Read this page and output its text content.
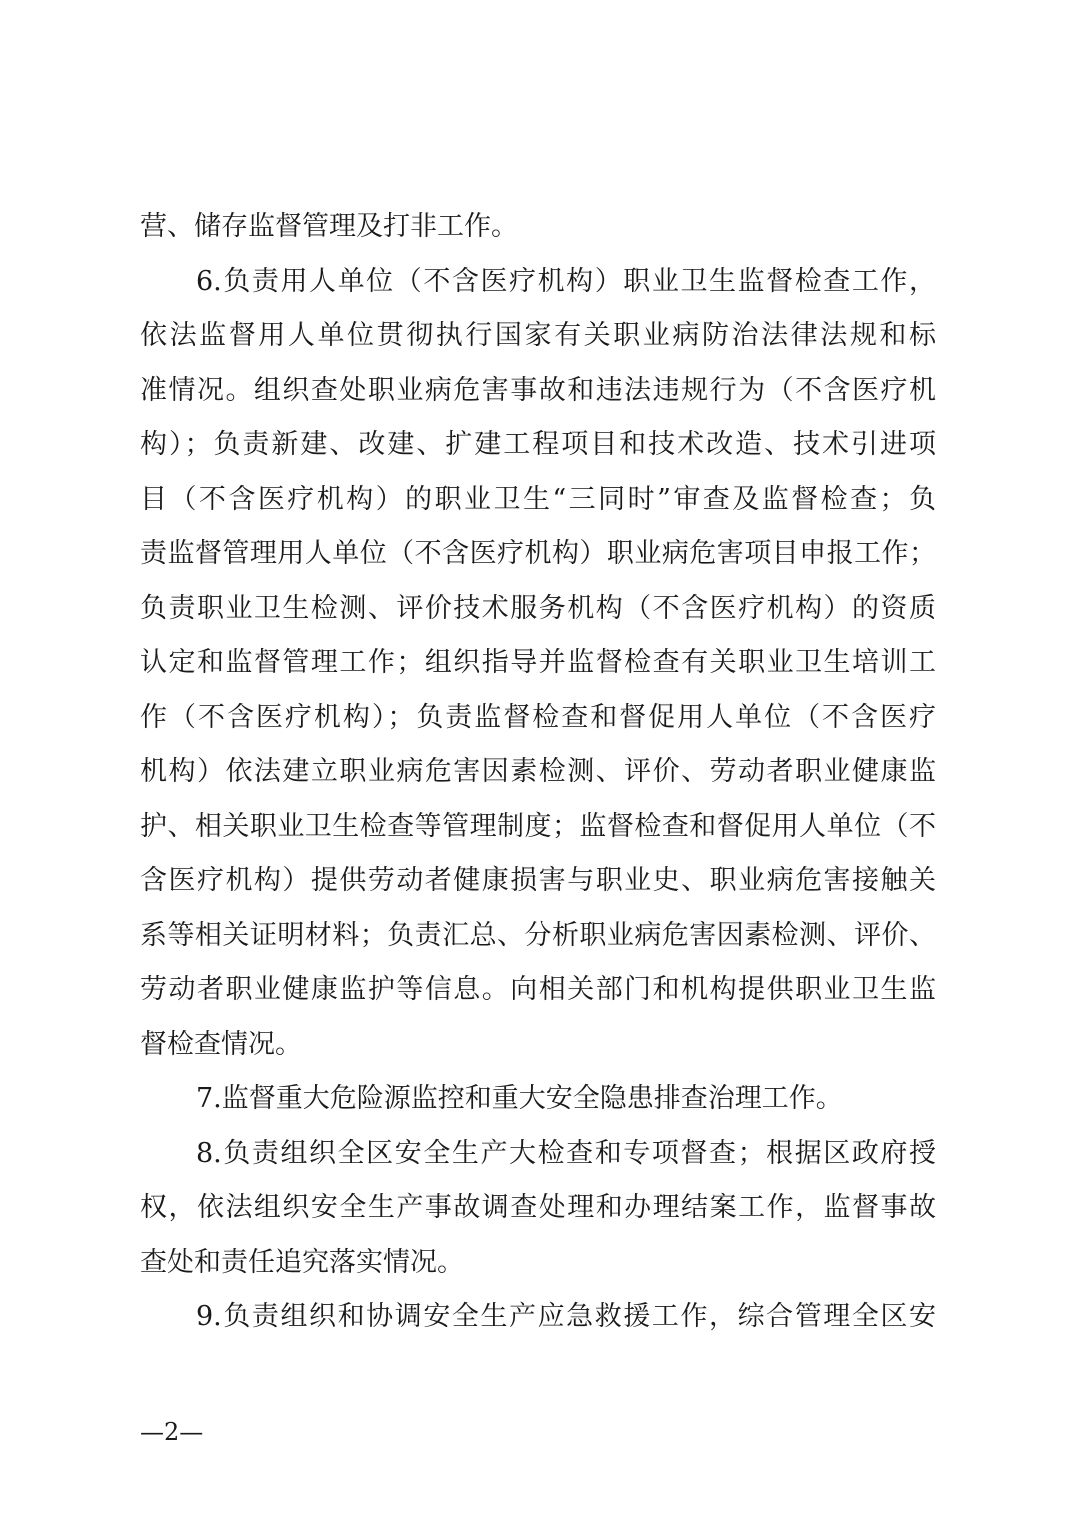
营、储存监督管理及打非工作。
6.负责用人单位（不含医疗机构）职业卫生监督检查工作，
依法监督用人单位贯彻执行国家有关职业病防治法律法规和标
准情况。组织查处职业病危害事故和违法违规行为（不含医疗机
构）；负责新建、改建、扩建工程项目和技术改造、技术引进项
目（不含医疗机构）的职业卫生“三同时”审查及监督检查；负
责监督管理用人单位（不含医疗机构）职业病危害项目申报工作；
负责职业卫生检测、评价技术服务机构（不含医疗机构）的资质
认定和监督管理工作；组织指导并监督检查有关职业卫生培训工
作（不含医疗机构）；负责监督检查和督促用人单位（不含医疗
机构）依法建立职业病危害因素检测、评价、劳动者职业健康监
护、相关职业卫生检查等管理制度；监督检查和督促用人单位（不
含医疗机构）提供劳动者健康损害与职业史、职业病危害接触关
系等相关证明材料；负责汇总、分析职业病危害因素检测、评价、
劳动者职业健康监护等信息。向相关部门和机构提供职业卫生监
督检查情况。
7.监督重大危险源监控和重大安全隐患排查治理工作。
8.负责组织全区安全生产大检查和专项督查；根据区政府授
权，依法组织安全生产事故调查处理和办理结案工作，监督事故
查处和责任追究落实情况。
9.负责组织和协调安全生产应急救援工作，综合管理全区安
—2—
